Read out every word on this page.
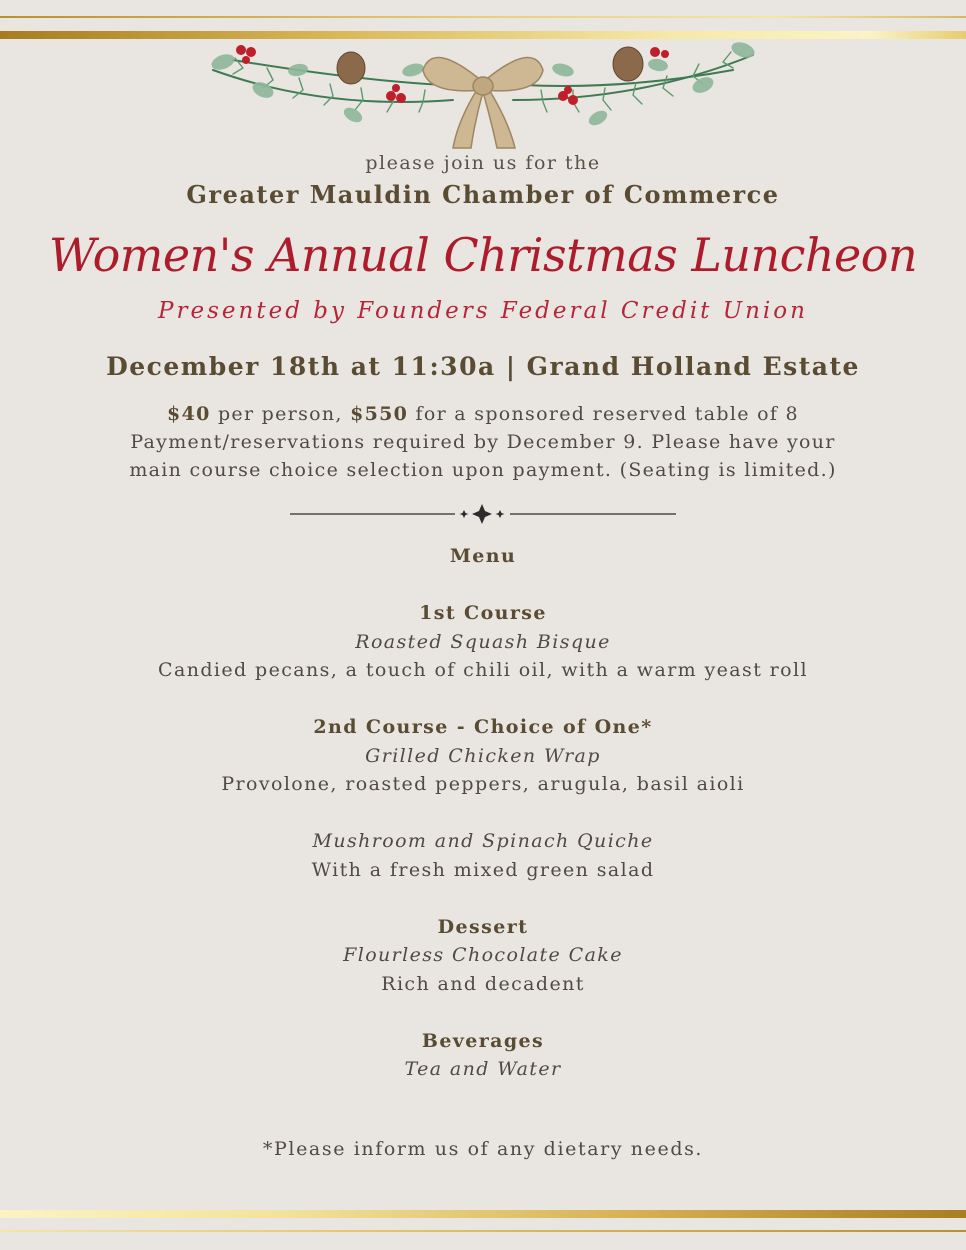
please join us for the
Greater Mauldin Chamber of Commerce
Women's Annual Christmas Luncheon
Presented by Founders Federal Credit Union
December 18th at 11:30a | Grand Holland Estate
$40 per person, $550 for a sponsored reserved table of 8
Payment/reservations required by December 9. Please have your
main course choice selection upon payment. (Seating is limited.)
Menu
1st Course
Roasted Squash Bisque
Candied pecans, a touch of chili oil, with a warm yeast roll
2nd Course - Choice of One*
Grilled Chicken Wrap
Provolone, roasted peppers, arugula, basil aioli
Mushroom and Spinach Quiche
With a fresh mixed green salad
Dessert
Flourless Chocolate Cake
Rich and decadent
Beverages
Tea and Water
*Please inform us of any dietary needs.
